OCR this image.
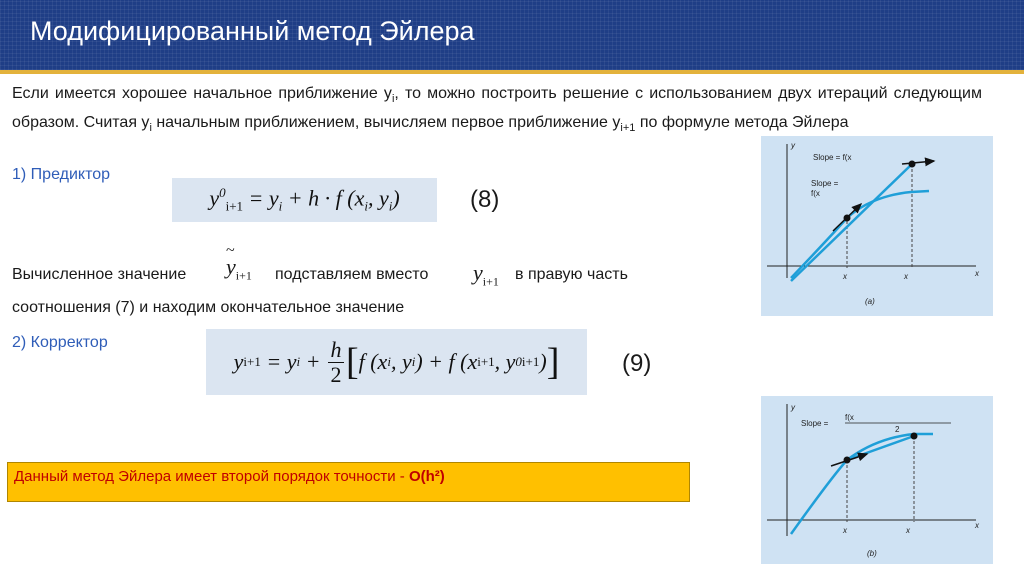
Модифицированный метод Эйлера
Если имеется хорошее начальное приближение $y_i$, то можно построить решение с использованием двух итераций следующим образом. Считая $y_i$ начальным приближением, вычисляем первое приближение $y_{i+1}$ по формуле метода Эйлера
1) Предиктор
$y^0_{i+1} = y_i + h \cdot f$ ($x_i$, $y_i$)	(8)
Вычисленное значение y
~
$_{i+1}$ подставляем вместо $y_{i+1}$ в правую часть
соотношения (7) и находим окончательное значение
2) Корректор
y i+1 = y i + h
2 [ f (x i , y i ) + f (x i+1 , y 0 i+1 ) ]	(9)
Данный метод Эйлера имеет второй порядок точности - O(h²)
y
x
Slope = f(x
Slope =
f(x
x	x
(a)
y
x
Slope =
f(x
2
x	x
(b)
